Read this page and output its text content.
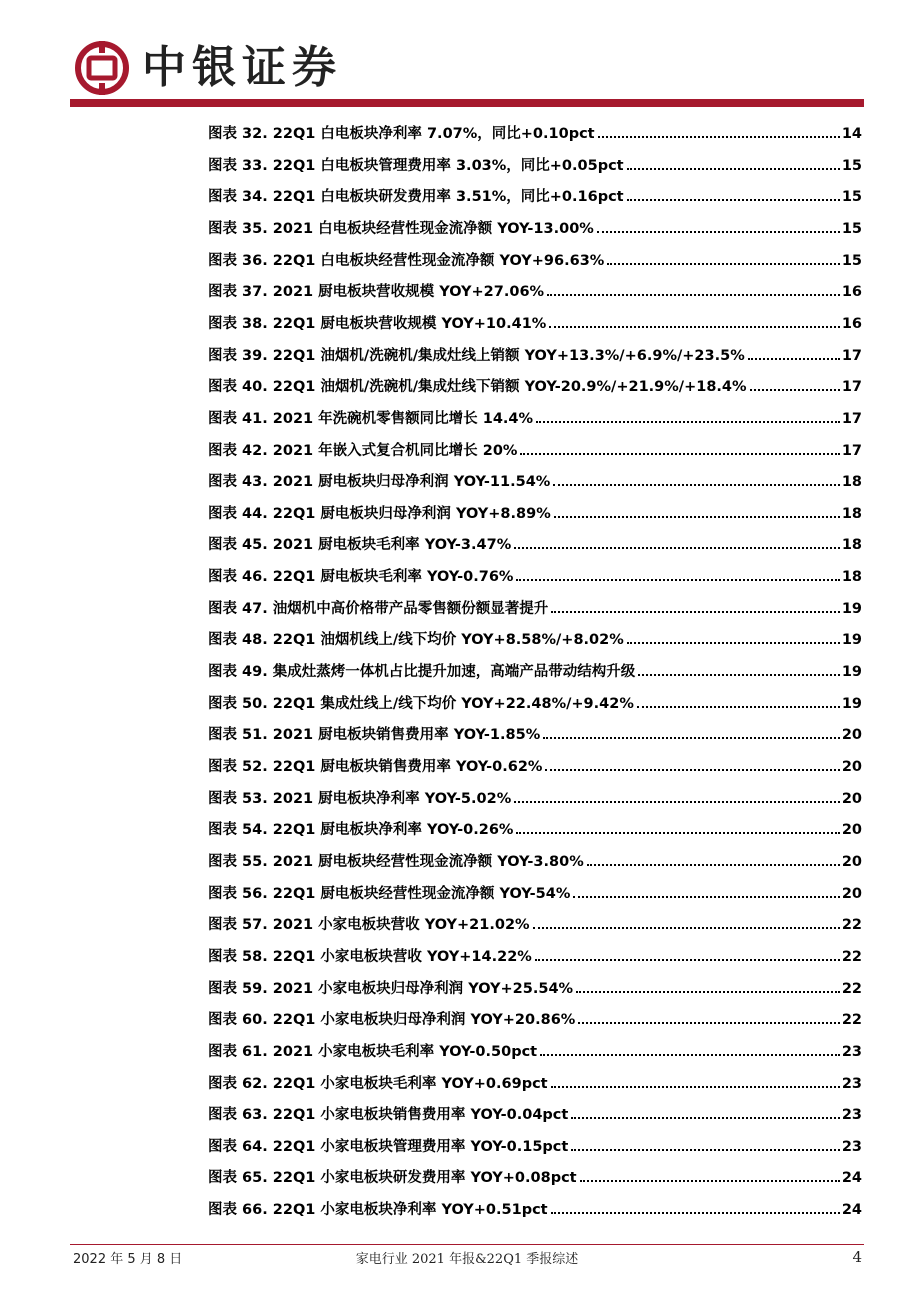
中银证券
图表 32. 22Q1 白电板块净利率 7.07%，同比+0.10pct	14
图表 33. 22Q1 白电板块管理费用率 3.03%，同比+0.05pct	15
图表 34. 22Q1 白电板块研发费用率 3.51%，同比+0.16pct	15
图表 35. 2021 白电板块经营性现金流净额 YOY-13.00%	15
图表 36. 22Q1 白电板块经营性现金流净额 YOY+96.63%	15
图表 37. 2021 厨电板块营收规模 YOY+27.06%	16
图表 38. 22Q1 厨电板块营收规模 YOY+10.41%	16
图表 39. 22Q1 油烟机/洗碗机/集成灶线上销额 YOY+13.3%/+6.9%/+23.5%	17
图表 40. 22Q1 油烟机/洗碗机/集成灶线下销额 YOY-20.9%/+21.9%/+18.4%	17
图表 41. 2021 年洗碗机零售额同比增长 14.4%	17
图表 42. 2021 年嵌入式复合机同比增长 20%	17
图表 43. 2021 厨电板块归母净利润 YOY-11.54%	18
图表 44. 22Q1 厨电板块归母净利润 YOY+8.89%	18
图表 45. 2021 厨电板块毛利率 YOY-3.47%	18
图表 46. 22Q1 厨电板块毛利率 YOY-0.76%	18
图表 47. 油烟机中高价格带产品零售额份额显著提升	19
图表 48. 22Q1 油烟机线上/线下均价 YOY+8.58%/+8.02%	19
图表 49. 集成灶蒸烤一体机占比提升加速，高端产品带动结构升级	19
图表 50. 22Q1 集成灶线上/线下均价 YOY+22.48%/+9.42%	19
图表 51. 2021 厨电板块销售费用率 YOY-1.85%	20
图表 52. 22Q1 厨电板块销售费用率 YOY-0.62%	20
图表 53. 2021 厨电板块净利率 YOY-5.02%	20
图表 54. 22Q1 厨电板块净利率 YOY-0.26%	20
图表 55. 2021 厨电板块经营性现金流净额 YOY-3.80%	20
图表 56. 22Q1 厨电板块经营性现金流净额 YOY-54%	20
图表 57. 2021 小家电板块营收 YOY+21.02%	22
图表 58. 22Q1 小家电板块营收 YOY+14.22%	22
图表 59. 2021 小家电板块归母净利润 YOY+25.54%	22
图表 60. 22Q1 小家电板块归母净利润 YOY+20.86%	22
图表 61. 2021 小家电板块毛利率 YOY-0.50pct	23
图表 62. 22Q1 小家电板块毛利率 YOY+0.69pct	23
图表 63. 22Q1 小家电板块销售费用率 YOY-0.04pct	23
图表 64. 22Q1 小家电板块管理费用率 YOY-0.15pct	23
图表 65. 22Q1 小家电板块研发费用率 YOY+0.08pct	24
图表 66. 22Q1 小家电板块净利率 YOY+0.51pct	24
2022 年 5 月 8 日	家电行业 2021 年报&22Q1 季报综述	4
